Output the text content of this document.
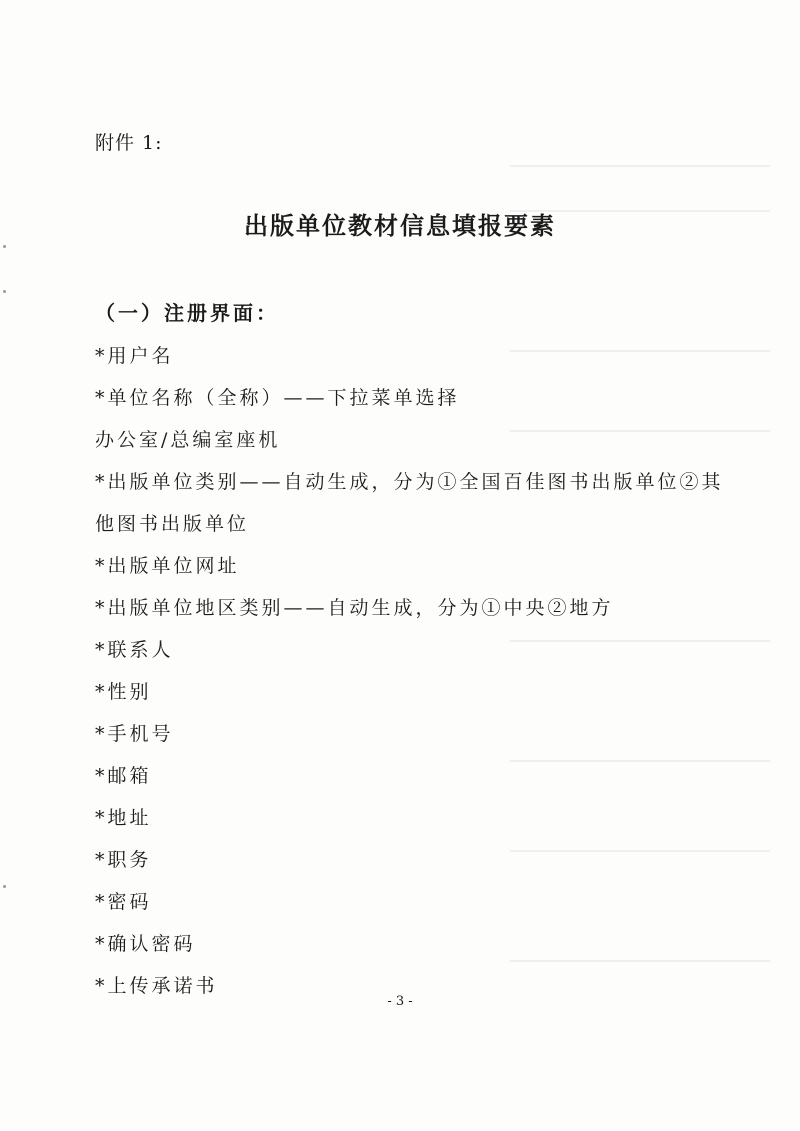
附件 1:
出版单位教材信息填报要素
（一）注册界面：
*用户名
*单位名称（全称）——下拉菜单选择
办公室/总编室座机
*出版单位类别——自动生成，分为①全国百佳图书出版单位②其
他图书出版单位
*出版单位网址
*出版单位地区类别——自动生成，分为①中央②地方
*联系人
*性别
*手机号
*邮箱
*地址
*职务
*密码
*确认密码
*上传承诺书
- 3 -
